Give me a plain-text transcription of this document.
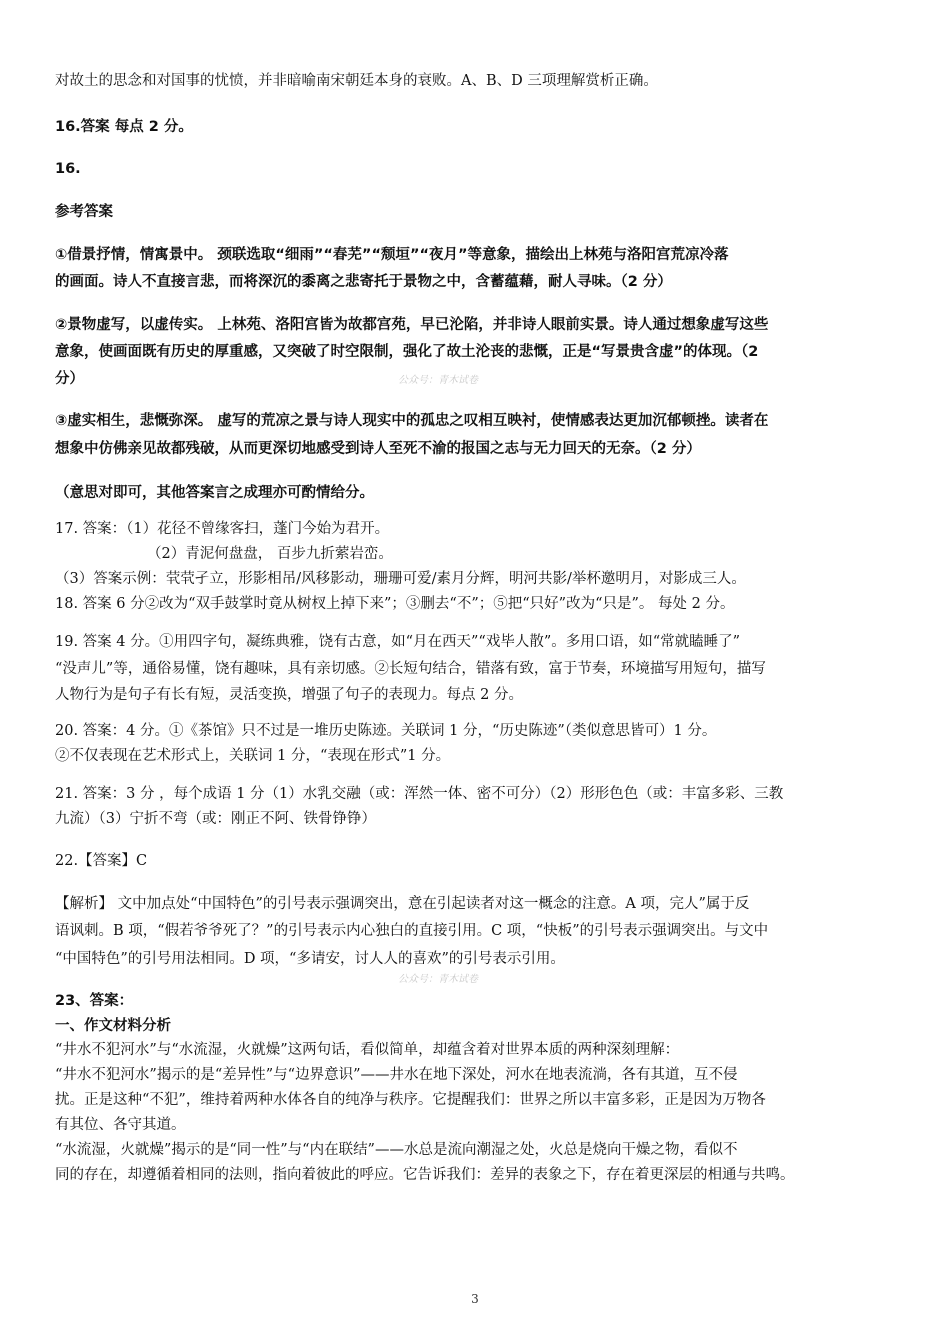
对故土的思念和对国事的忧愤，并非暗喻南宋朝廷本身的衰败。A、B、D 三项理解赏析正确。
16.答案 每点 2 分。
16.
参考答案
①借景抒情，情寓景中。 颈联选取“细雨”“春芜”“颓垣”“夜月”等意象，描绘出上林苑与洛阳宫荒凉冷落
的画面。诗人不直接言悲，而将深沉的黍离之悲寄托于景物之中，含蓄蕴藉，耐人寻味。（2 分）
②景物虚写，以虚传实。 上林苑、洛阳宫皆为故都宫苑，早已沦陷，并非诗人眼前实景。诗人通过想象虚写这些
意象，使画面既有历史的厚重感，又突破了时空限制，强化了故土沦丧的悲慨，正是“写景贵含虚”的体现。（2
分）
③虚实相生，悲慨弥深。 虚写的荒凉之景与诗人现实中的孤忠之叹相互映衬，使情感表达更加沉郁顿挫。读者在
想象中仿佛亲见故都残破，从而更深切地感受到诗人至死不渝的报国之志与无力回天的无奈。（2 分）
（意思对即可，其他答案言之成理亦可酌情给分。
17. 答案：（1）花径不曾缘客扫，蓬门今始为君开。
（2）青泥何盘盘， 百步九折萦岩峦。
（3）答案示例：茕茕孑立，形影相吊/风移影动，珊珊可爱/素月分辉，明河共影/举杯邀明月，对影成三人。
18. 答案 6 分②改为“双手鼓掌时竟从树杈上掉下来”；③删去“不”；⑤把“只好”改为“只是”。 每处 2 分。
19. 答案 4 分。①用四字句，凝练典雅，饶有古意，如“月在西天”“戏毕人散”。多用口语，如“常就瞌睡了”
“没声儿”等，通俗易懂，饶有趣味，具有亲切感。②长短句结合，错落有致，富于节奏，环境描写用短句，描写
人物行为是句子有长有短，灵活变换，增强了句子的表现力。每点 2 分。
20. 答案：4 分。①《茶馆》只不过是一堆历史陈迹。关联词 1 分，“历史陈迹”（类似意思皆可）1 分。
②不仅表现在艺术形式上，关联词 1 分，“表现在形式”1 分。
21. 答案：3 分 ，每个成语 1 分（1）水乳交融（或：浑然一体、密不可分）（2）形形色色（或：丰富多彩、三教
九流）（3）宁折不弯（或：刚正不阿、铁骨铮铮）
22.【答案】C
【解析】 文中加点处“中国特色”的引号表示强调突出，意在引起读者对这一概念的注意。A 项，完人”属于反
语讽刺。B 项，“假若爷爷死了？”的引号表示内心独白的直接引用。C 项，“快板”的引号表示强调突出。与文中
“中国特色”的引号用法相同。D 项，“多请安，讨人人的喜欢”的引号表示引用。
23、答案：
一、作文材料分析
“井水不犯河水”与“水流湿，火就燥”这两句话，看似简单，却蕴含着对世界本质的两种深刻理解：
“井水不犯河水”揭示的是“差异性”与“边界意识”——井水在地下深处，河水在地表流淌，各有其道，互不侵
扰。正是这种“不犯”，维持着两种水体各自的纯净与秩序。它提醒我们：世界之所以丰富多彩，正是因为万物各
有其位、各守其道。
“水流湿，火就燥”揭示的是“同一性”与“内在联结”——水总是流向潮湿之处，火总是烧向干燥之物，看似不
同的存在，却遵循着相同的法则，指向着彼此的呼应。它告诉我们：差异的表象之下，存在着更深层的相通与共鸣。
公众号：青木试卷
公众号：青木试卷
3
